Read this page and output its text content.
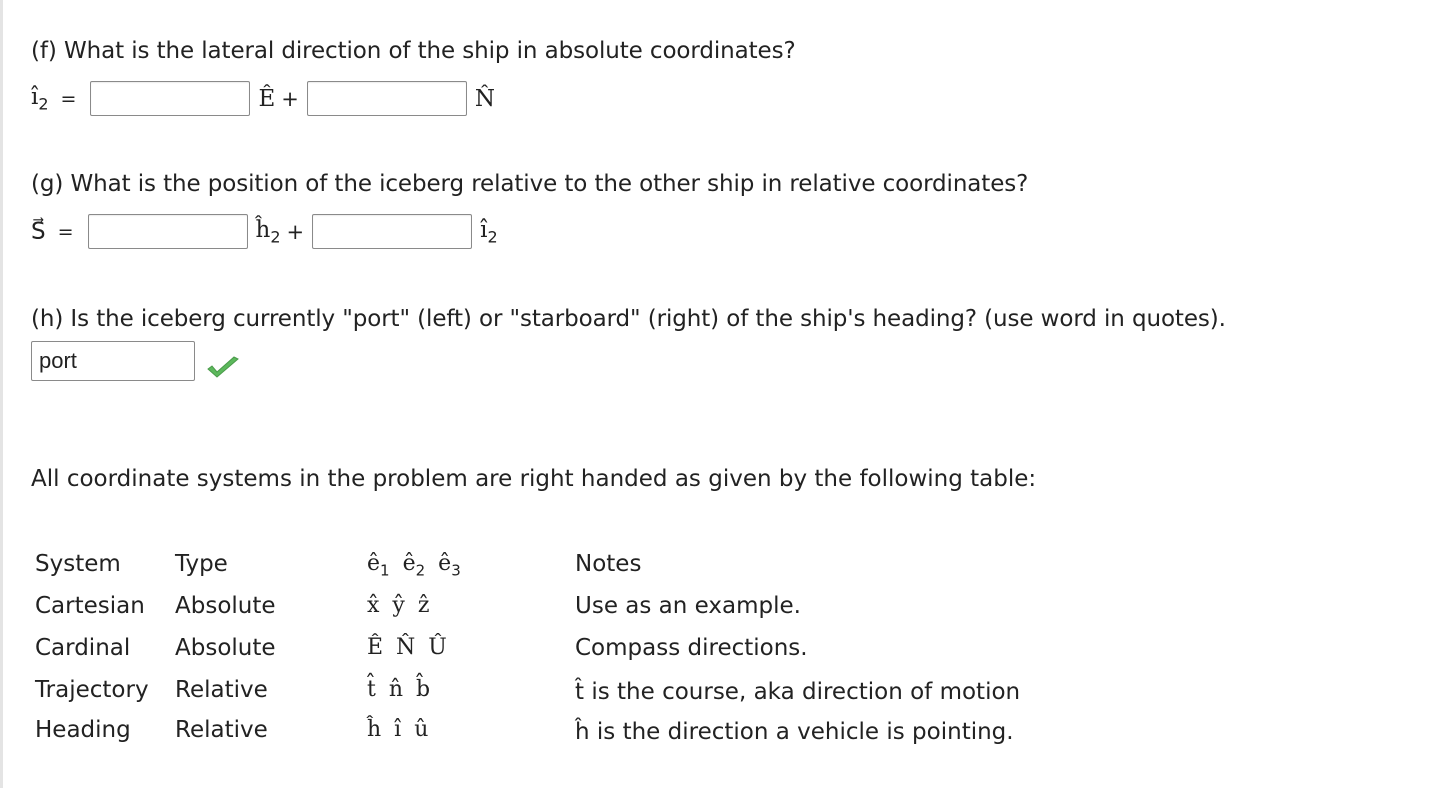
(f) What is the lateral direction of the ship in absolute coordinates?
$î_2$ =	Ê +	N̂
(g) What is the position of the iceberg relative to the other ship in relative coordinates?
S⃗ =	$ĥ_2$ +	$î_2$
(h) Is the iceberg currently "port" (left) or "starboard" (right) of the ship's heading? (use word in quotes).
port
All coordinate systems in the problem are right handed as given by the following table:
System Type	$ê_1$ $ê_2$ $ê_3$	Notes
Cartesian Absolute	x̂ ŷ ẑ	Use as an example.
Cardinal Absolute	Ê N̂ Û	Compass directions.
Trajectory Relative	t̂ n̂ b̂	t̂ is the course, aka direction of motion
Heading Relative	ĥ î û	ĥ is the direction a vehicle is pointing.
